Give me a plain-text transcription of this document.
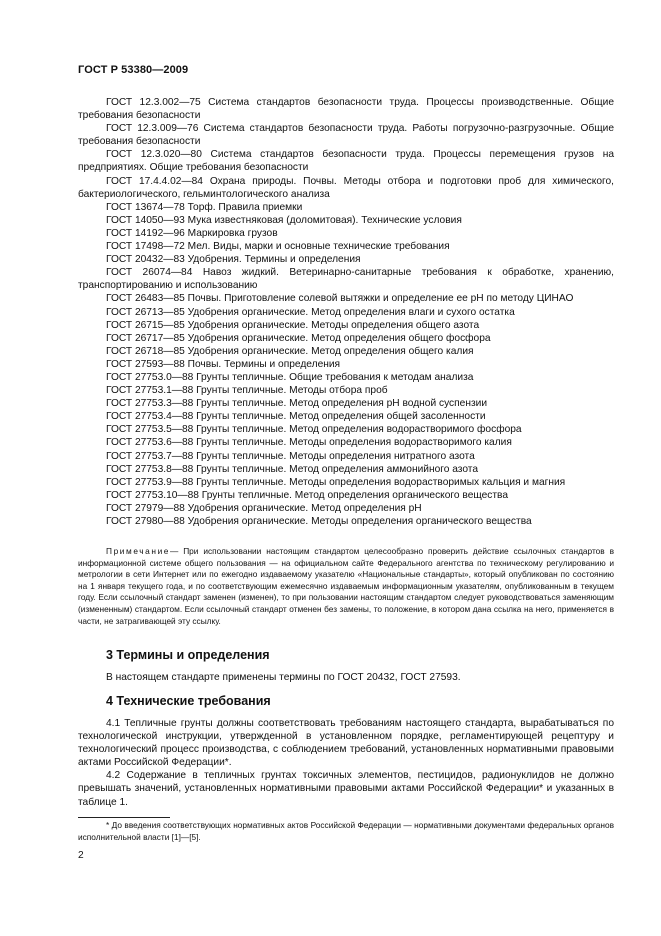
ГОСТ Р 53380—2009

ГОСТ 12.3.002—75 Система стандартов безопасности труда. Процессы производственные. Общие требования безопасности

ГОСТ 12.3.009—76 Система стандартов безопасности труда. Работы погрузочно-разгрузочные. Общие требования безопасности

ГОСТ 12.3.020—80 Система стандартов безопасности труда. Процессы перемещения грузов на предприятиях. Общие требования безопасности

ГОСТ 17.4.4.02—84 Охрана природы. Почвы. Методы отбора и подготовки проб для химического, бактериологического, гельминтологического анализа

ГОСТ 13674—78 Торф. Правила приемки

ГОСТ 14050—93 Мука известняковая (доломитовая). Технические условия

ГОСТ 14192—96 Маркировка грузов

ГОСТ 17498—72 Мел. Виды, марки и основные технические требования

ГОСТ 20432—83 Удобрения. Термины и определения

ГОСТ 26074—84 Навоз жидкий. Ветеринарно-санитарные требования к обработке, хранению, транспортированию и использованию

ГОСТ 26483—85 Почвы. Приготовление солевой вытяжки и определение ее pH по методу ЦИНАО

ГОСТ 26713—85 Удобрения органические. Метод определения влаги и сухого остатка

ГОСТ 26715—85 Удобрения органические. Методы определения общего азота

ГОСТ 26717—85 Удобрения органические. Метод определения общего фосфора

ГОСТ 26718—85 Удобрения органические. Метод определения общего калия

ГОСТ 27593—88 Почвы. Термины и определения

ГОСТ 27753.0—88 Грунты тепличные. Общие требования к методам анализа

ГОСТ 27753.1—88 Грунты тепличные. Методы отбора проб

ГОСТ 27753.3—88 Грунты тепличные. Метод определения pH водной суспензии

ГОСТ 27753.4—88 Грунты тепличные. Метод определения общей засоленности

ГОСТ 27753.5—88 Грунты тепличные. Метод определения водорастворимого фосфора

ГОСТ 27753.6—88 Грунты тепличные. Методы определения водорастворимого калия

ГОСТ 27753.7—88 Грунты тепличные. Методы определения нитратного азота

ГОСТ 27753.8—88 Грунты тепличные. Метод определения аммонийного азота

ГОСТ 27753.9—88 Грунты тепличные. Методы определения водорастворимых кальция и магния

ГОСТ 27753.10—88 Грунты тепличные. Метод определения органического вещества

ГОСТ 27979—88 Удобрения органические. Метод определения pH

ГОСТ 27980—88 Удобрения органические. Методы определения органического вещества

Примечание— При использовании настоящим стандартом целесообразно проверить действие ссылочных стандартов в информационной системе общего пользования — на официальном сайте Федерального агентства по техническому регулированию и метрологии в сети Интернет или по ежегодно издаваемому указателю «Национальные стандарты», который опубликован по состоянию на 1 января текущего года, и по соответствующим ежемесячно издаваемым информационным указателям, опубликованным в текущем году. Если ссылочный стандарт заменен (изменен), то при пользовании настоящим стандартом следует руководствоваться заменяющим (измененным) стандартом. Если ссылочный стандарт отменен без замены, то положение, в котором дана ссылка на него, применяется в части, не затрагивающей эту ссылку.

3 Термины и определения

В настоящем стандарте применены термины по ГОСТ 20432, ГОСТ 27593.

4 Технические требования

4.1 Тепличные грунты должны соответствовать требованиям настоящего стандарта, вырабатываться по технологической инструкции, утвержденной в установленном порядке, регламентирующей рецептуру и технологический процесс производства, с соблюдением требований, установленных нормативными правовыми актами Российской Федерации*.

4.2 Содержание в тепличных грунтах токсичных элементов, пестицидов, радионуклидов не должно превышать значений, установленных нормативными правовыми актами Российской Федерации* и указанных в таблице 1.

* До введения соответствующих нормативных актов Российской Федерации — нормативными документами федеральных органов исполнительной власти [1]—[5].

2
